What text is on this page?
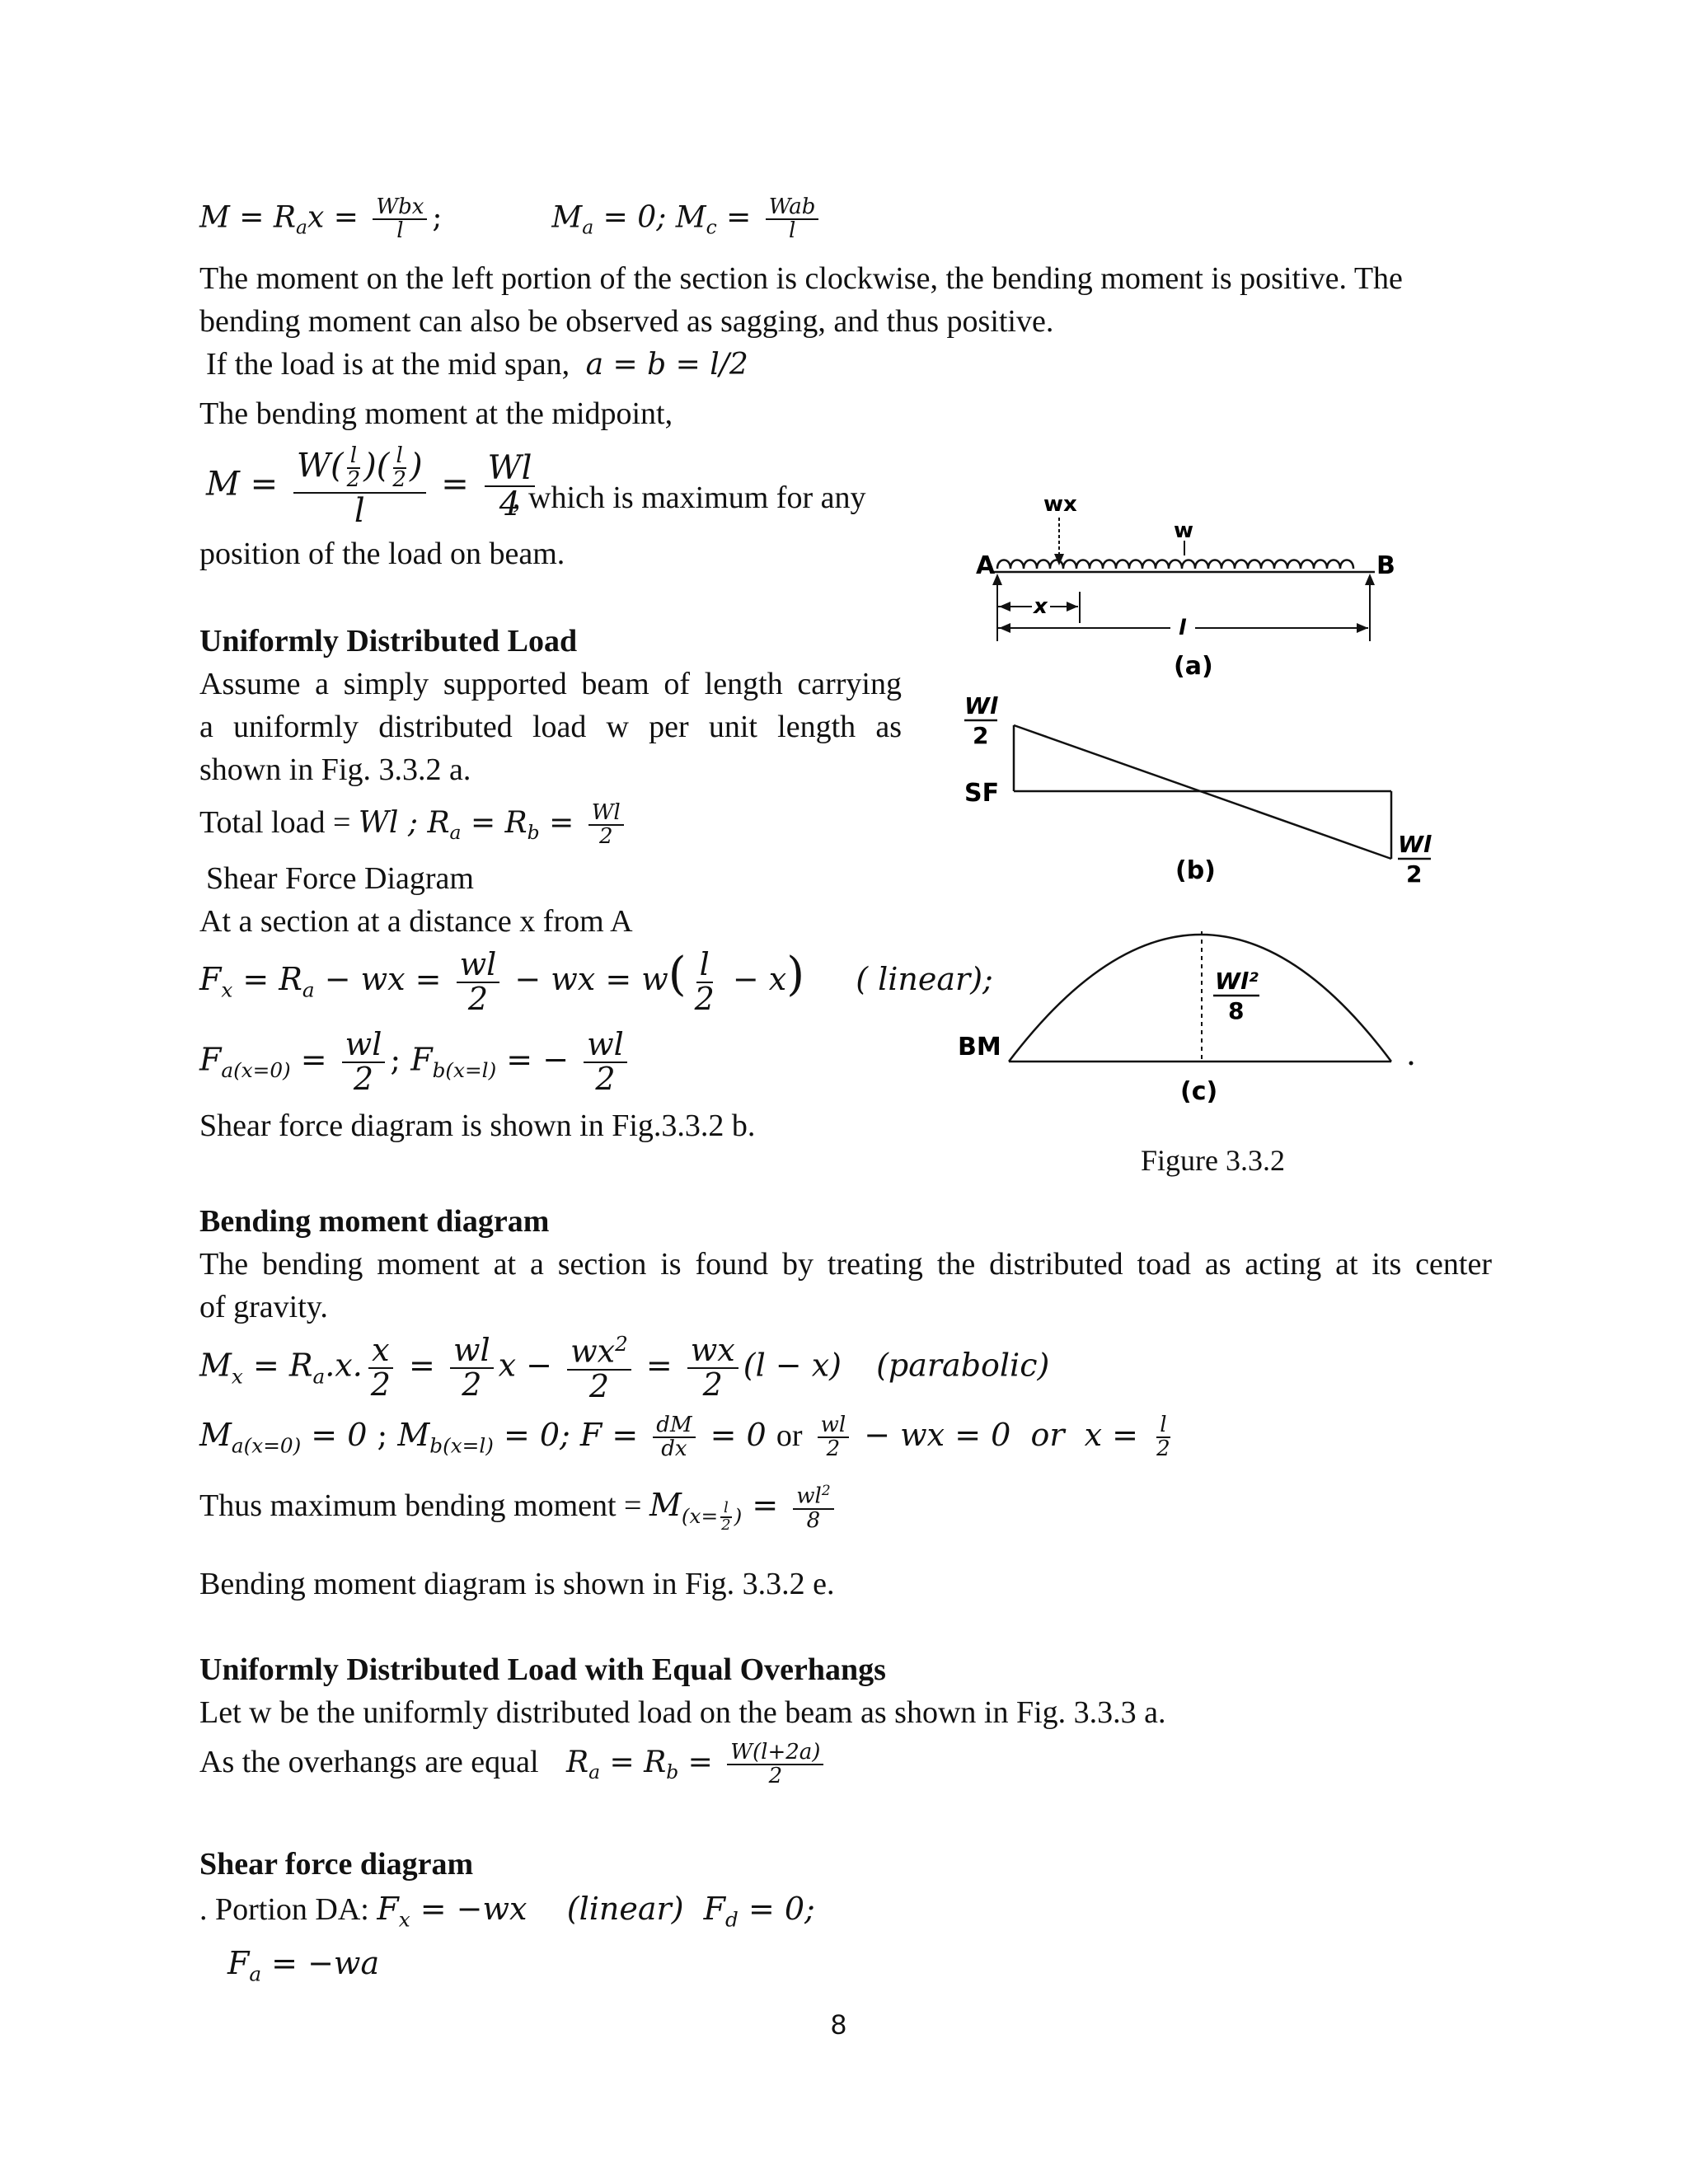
$M = R_ax = \frac{\text{Wbx}}{l}$ ;	$M_a = 0$; $M_c = \frac{\text{Wab}}{l}$
The moment on the left portion of the section is clockwise, the bending moment is positive. The
bending moment can also be observed as sagging, and thus positive.
If the load is at the mid span, a = b = l/2
The bending moment at the midpoint,
$M = \frac{W( \frac{l}{2} )( \frac{l}{2} )}{l} = \frac{Wl}{4}$
, which is maximum for any
position of the load on beam.
Uniformly Distributed Load
Assume a simply supported beam of length carrying
a uniformly distributed load w per unit length as
shown in Fig. 3.3.2 a.
Total load = Wl ; $R_a = R_b = \frac{Wl}{2}$
Shear Force Diagram
At a section at a distance x from A
$F_x = R_a$ − wx = $\frac{wl}{2}$ − wx = $w( \frac{l}{2} - x)$ ( linear);
$F_{a(x=0)} = \frac{wl}{2}$ ; $F_{b(x=l)}$ = − $\frac{wl}{2}$
Shear force diagram is shown in Fig.3.3.2 b.
wx
w
A	B
x
l
(a)
Wl
2
SF
Wl
2
(b)
Wl²
8
BM
(c)
Figure 3.3.2
Bending moment diagram
The bending moment at a section is found by treating the distributed toad as acting at its center
of gravity.
$M_x = R_a.x$. $\frac{x}{2} = \frac{wl}{2}$ $x - \frac{wx^2}{2} = \frac{wx}{2} (l - x)$ (parabolic)
$M_{a(x=0)} = 0$ ; $M_{b(x=l)} = 0$; $F = \frac{dM}{dx} = 0$ or $\frac{wl}{2}$ − wx = 0  or  $x = \frac{l}{2}$
Thus maximum bending moment = $M_{(x= \frac{l}{2} )} = \frac{wl^2}{8}$
Bending moment diagram is shown in Fig. 3.3.2 e.
Uniformly Distributed Load with Equal Overhangs
Let w be the uniformly distributed load on the beam as shown in Fig. 3.3.3 a.
As the overhangs are equal $R_a = R_b = \frac{W(l+2a)}{2}$
Shear force diagram
. Portion DA: $F_x = -wx$    (linear)  $F_d = 0$;
$F_a = -wa$
8
